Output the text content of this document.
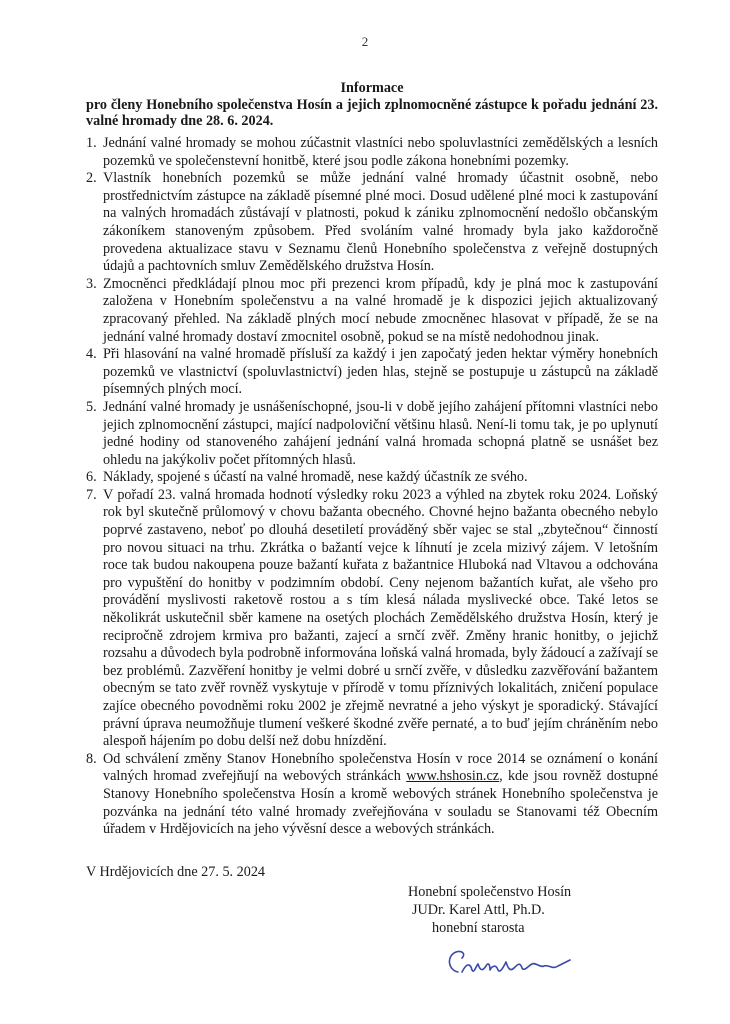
2
Informace
pro členy Honebního společenstva Hosín a jejich zplnomocněné zástupce k pořadu jednání 23. valné hromady dne 28. 6. 2024.
1. Jednání valné hromady se mohou zúčastnit vlastníci nebo spoluvlastníci zemědělských a lesních pozemků ve společenstevní honitbě, které jsou podle zákona honebními pozemky.
2. Vlastník honebních pozemků se může jednání valné hromady účastnit osobně, nebo prostřednictvím zástupce na základě písemné plné moci. Dosud udělené plné moci k zastupování na valných hromadách zůstávají v platnosti, pokud k zániku zplnomocnění nedošlo občanským zákoníkem stanoveným způsobem. Před svoláním valné hromady byla jako každoročně provedena aktualizace stavu v Seznamu členů Honebního společenstva z veřejně dostupných údajů a pachtovních smluv Zemědělského družstva Hosín.
3. Zmocněnci předkládají plnou moc při prezenci krom případů, kdy je plná moc k zastupování založena v Honebním společenstvu a na valné hromadě je k dispozici jejich aktualizovaný zpracovaný přehled. Na základě plných mocí nebude zmocněnec hlasovat v případě, že se na jednání valné hromady dostaví zmocnitel osobně, pokud se na místě nedohodnou jinak.
4. Při hlasování na valné hromadě přísluší za každý i jen započatý jeden hektar výměry honebních pozemků ve vlastnictví (spoluvlastnictví) jeden hlas, stejně se postupuje u zástupců na základě písemných plných mocí.
5. Jednání valné hromady je usnášeníschopné, jsou-li v době jejího zahájení přítomni vlastníci nebo jejich zplnomocnění zástupci, mající nadpoloviční většinu hlasů. Není-li tomu tak, je po uplynutí jedné hodiny od stanoveného zahájení jednání valná hromada schopná platně se usnášet bez ohledu na jakýkoliv počet přítomných hlasů.
6. Náklady, spojené s účastí na valné hromadě, nese každý účastník ze svého.
7. V pořadí 23. valná hromada hodnotí výsledky roku 2023 a výhled na zbytek roku 2024. Loňský rok byl skutečně průlomový v chovu bažanta obecného. Chovné hejno bažanta obecného nebylo poprvé zastaveno, neboť po dlouhá desetiletí prováděný sběr vajec se stal „zbytečnou“ činností pro novou situaci na trhu. Zkrátka o bažantí vejce k líhnutí je zcela mizivý zájem. V letošním roce tak budou nakoupena pouze bažantí kuřata z bažantnice Hluboká nad Vltavou a odchována pro vypuštění do honitby v podzimním období. Ceny nejenom bažantích kuřat, ale všeho pro provádění myslivosti raketově rostou a s tím klesá nálada myslivecké obce. Také letos se několikrát uskutečnil sběr kamene na osetých plochách Zemědělského družstva Hosín, který je recipročně zdrojem krmiva pro bažanti, zajecí a srnčí zvěř. Změny hranic honitby, o jejichž rozsahu a důvodech byla podrobně informována loňská valná hromada, byly žádoucí a zažívají se bez problémů. Zazvěření honitby je velmi dobré u srnčí zvěře, v důsledku zazvěřování bažantem obecným se tato zvěř rovněž vyskytuje v přírodě v tomu příznivých lokalitách, zničení populace zajíce obecného povodněmi roku 2002 je zřejmě nevratné a jeho výskyt je sporadický. Stávající právní úprava neumožňuje tlumení veškeré škodné zvěře pernaté, a to buď jejím chráněním nebo alespoň hájením po dobu delší než dobu hnízdění.
8. Od schválení změny Stanov Honebního společenstva Hosín v roce 2014 se oznámení o konání valných hromad zveřejňují na webových stránkách www.hshosin.cz, kde jsou rovněž dostupné Stanovy Honebního společenstva Hosín a kromě webových stránek Honebního společenstva je pozvánka na jednání této valné hromady zveřejňována v souladu se Stanovami též Obecním úřadem v Hrdějovicích na jeho vývěsní desce a webových stránkách.
V Hrdějovicích dne 27. 5. 2024
Honební společenstvo Hosín
JUDr. Karel Attl, Ph.D.
honební starosta
